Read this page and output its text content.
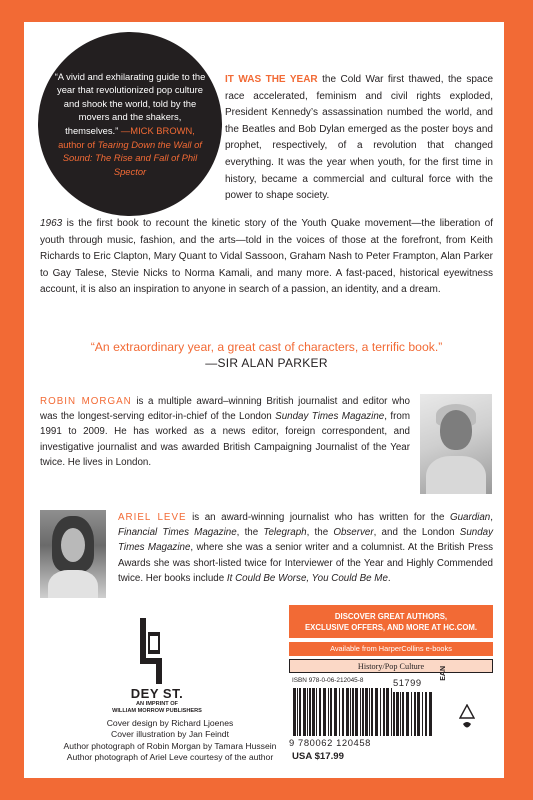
“A vivid and exhilarating guide to the year that revolutionized pop culture and shook the world, told by the movers and the shakers, themselves.” —MICK BROWN, author of Tearing Down the Wall of Sound: The Rise and Fall of Phil Spector
IT WAS THE YEAR the Cold War first thawed, the space race accelerated, feminism and civil rights exploded, President Kennedy’s assassination numbed the world, and the Beatles and Bob Dylan emerged as the poster boys and prophet, respectively, of a revolution that changed everything. It was the year when youth, for the first time in history, became a commercial and cultural force with the power to shape society.
1963 is the first book to recount the kinetic story of the Youth Quake movement—the liberation of youth through music, fashion, and the arts—told in the voices of those at the forefront, from Keith Richards to Eric Clapton, Mary Quant to Vidal Sassoon, Graham Nash to Peter Frampton, Alan Parker to Gay Talese, Stevie Nicks to Norma Kamali, and many more. A fast-paced, historical eyewitness account, it is also an inspiration to anyone in search of a passion, an identity, and a dream.
“An extraordinary year, a great cast of characters, a terrific book.”
—SIR ALAN PARKER
ROBIN MORGAN is a multiple award–winning British journalist and editor who was the longest-serving editor-in-chief of the London Sunday Times Magazine, from 1991 to 2009. He has worked as a news editor, foreign correspondent, and investigative journalist and was awarded British Campaigning Journalist of the Year twice. He lives in London.
ARIEL LEVE is an award-winning journalist who has written for the Guardian, Financial Times Magazine, the Telegraph, the Observer, and the London Sunday Times Magazine, where she was a senior writer and a columnist. At the British Press Awards she was short-listed twice for Interviewer of the Year and Highly Commended twice. Her books include It Could Be Worse, You Could Be Me.
DEY ST.
AN IMPRINT OF
WILLIAM MORROW PUBLISHERS
Cover design by Richard Ljoenes
Cover illustration by Jan Feindt
Author photograph of Robin Morgan by Tamara Hussein
Author photograph of Ariel Leve courtesy of the author
DISCOVER GREAT AUTHORS,
EXCLUSIVE OFFERS, AND MORE AT HC.COM.
Available from HarperCollins e-books
History/Pop Culture
ISBN 978-0-06-212045-8	51799
9 780062 120458
EAN
USA $17.99
